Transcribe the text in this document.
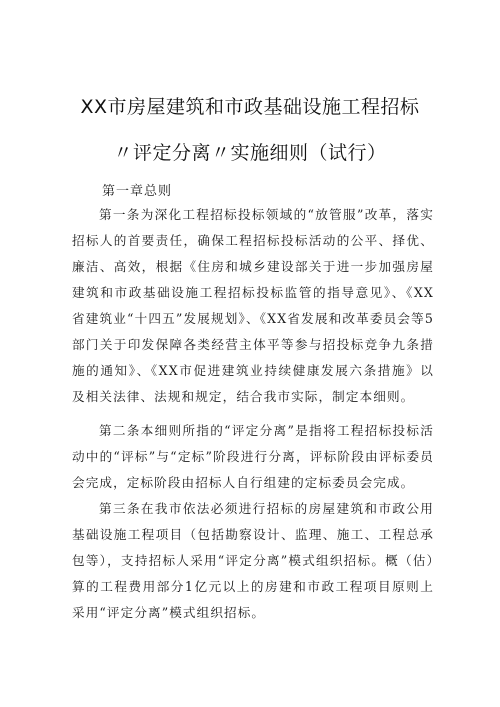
XX市房屋建筑和市政基础设施工程招标
〃评定分离〃实施细则（试行）
第一章总则
第一条为深化工程招标投标领域的“放管服”改革，落实招标人的首要责任，确保工程招标投标活动的公平、择优、廉洁、高效，根据《住房和城乡建设部关于进一步加强房屋建筑和市政基础设施工程招标投标监管的指导意见》、《XX省建筑业“十四五”发展规划》、《XX省发展和改革委员会等5部门关于印发保障各类经营主体平等参与招投标竞争九条措施的通知》、《XX市促进建筑业持续健康发展六条措施》以及相关法律、法规和规定，结合我市实际，制定本细则。
第二条本细则所指的“评定分离”是指将工程招标投标活动中的“评标”与“定标”阶段进行分离，评标阶段由评标委员会完成，定标阶段由招标人自行组建的定标委员会完成。
第三条在我市依法必须进行招标的房屋建筑和市政公用基础设施工程项目（包括勘察设计、监理、施工、工程总承包等），支持招标人采用“评定分离”模式组织招标。概（估）算的工程费用部分1亿元以上的房建和市政工程项目原则上采用“评定分离”模式组织招标。
